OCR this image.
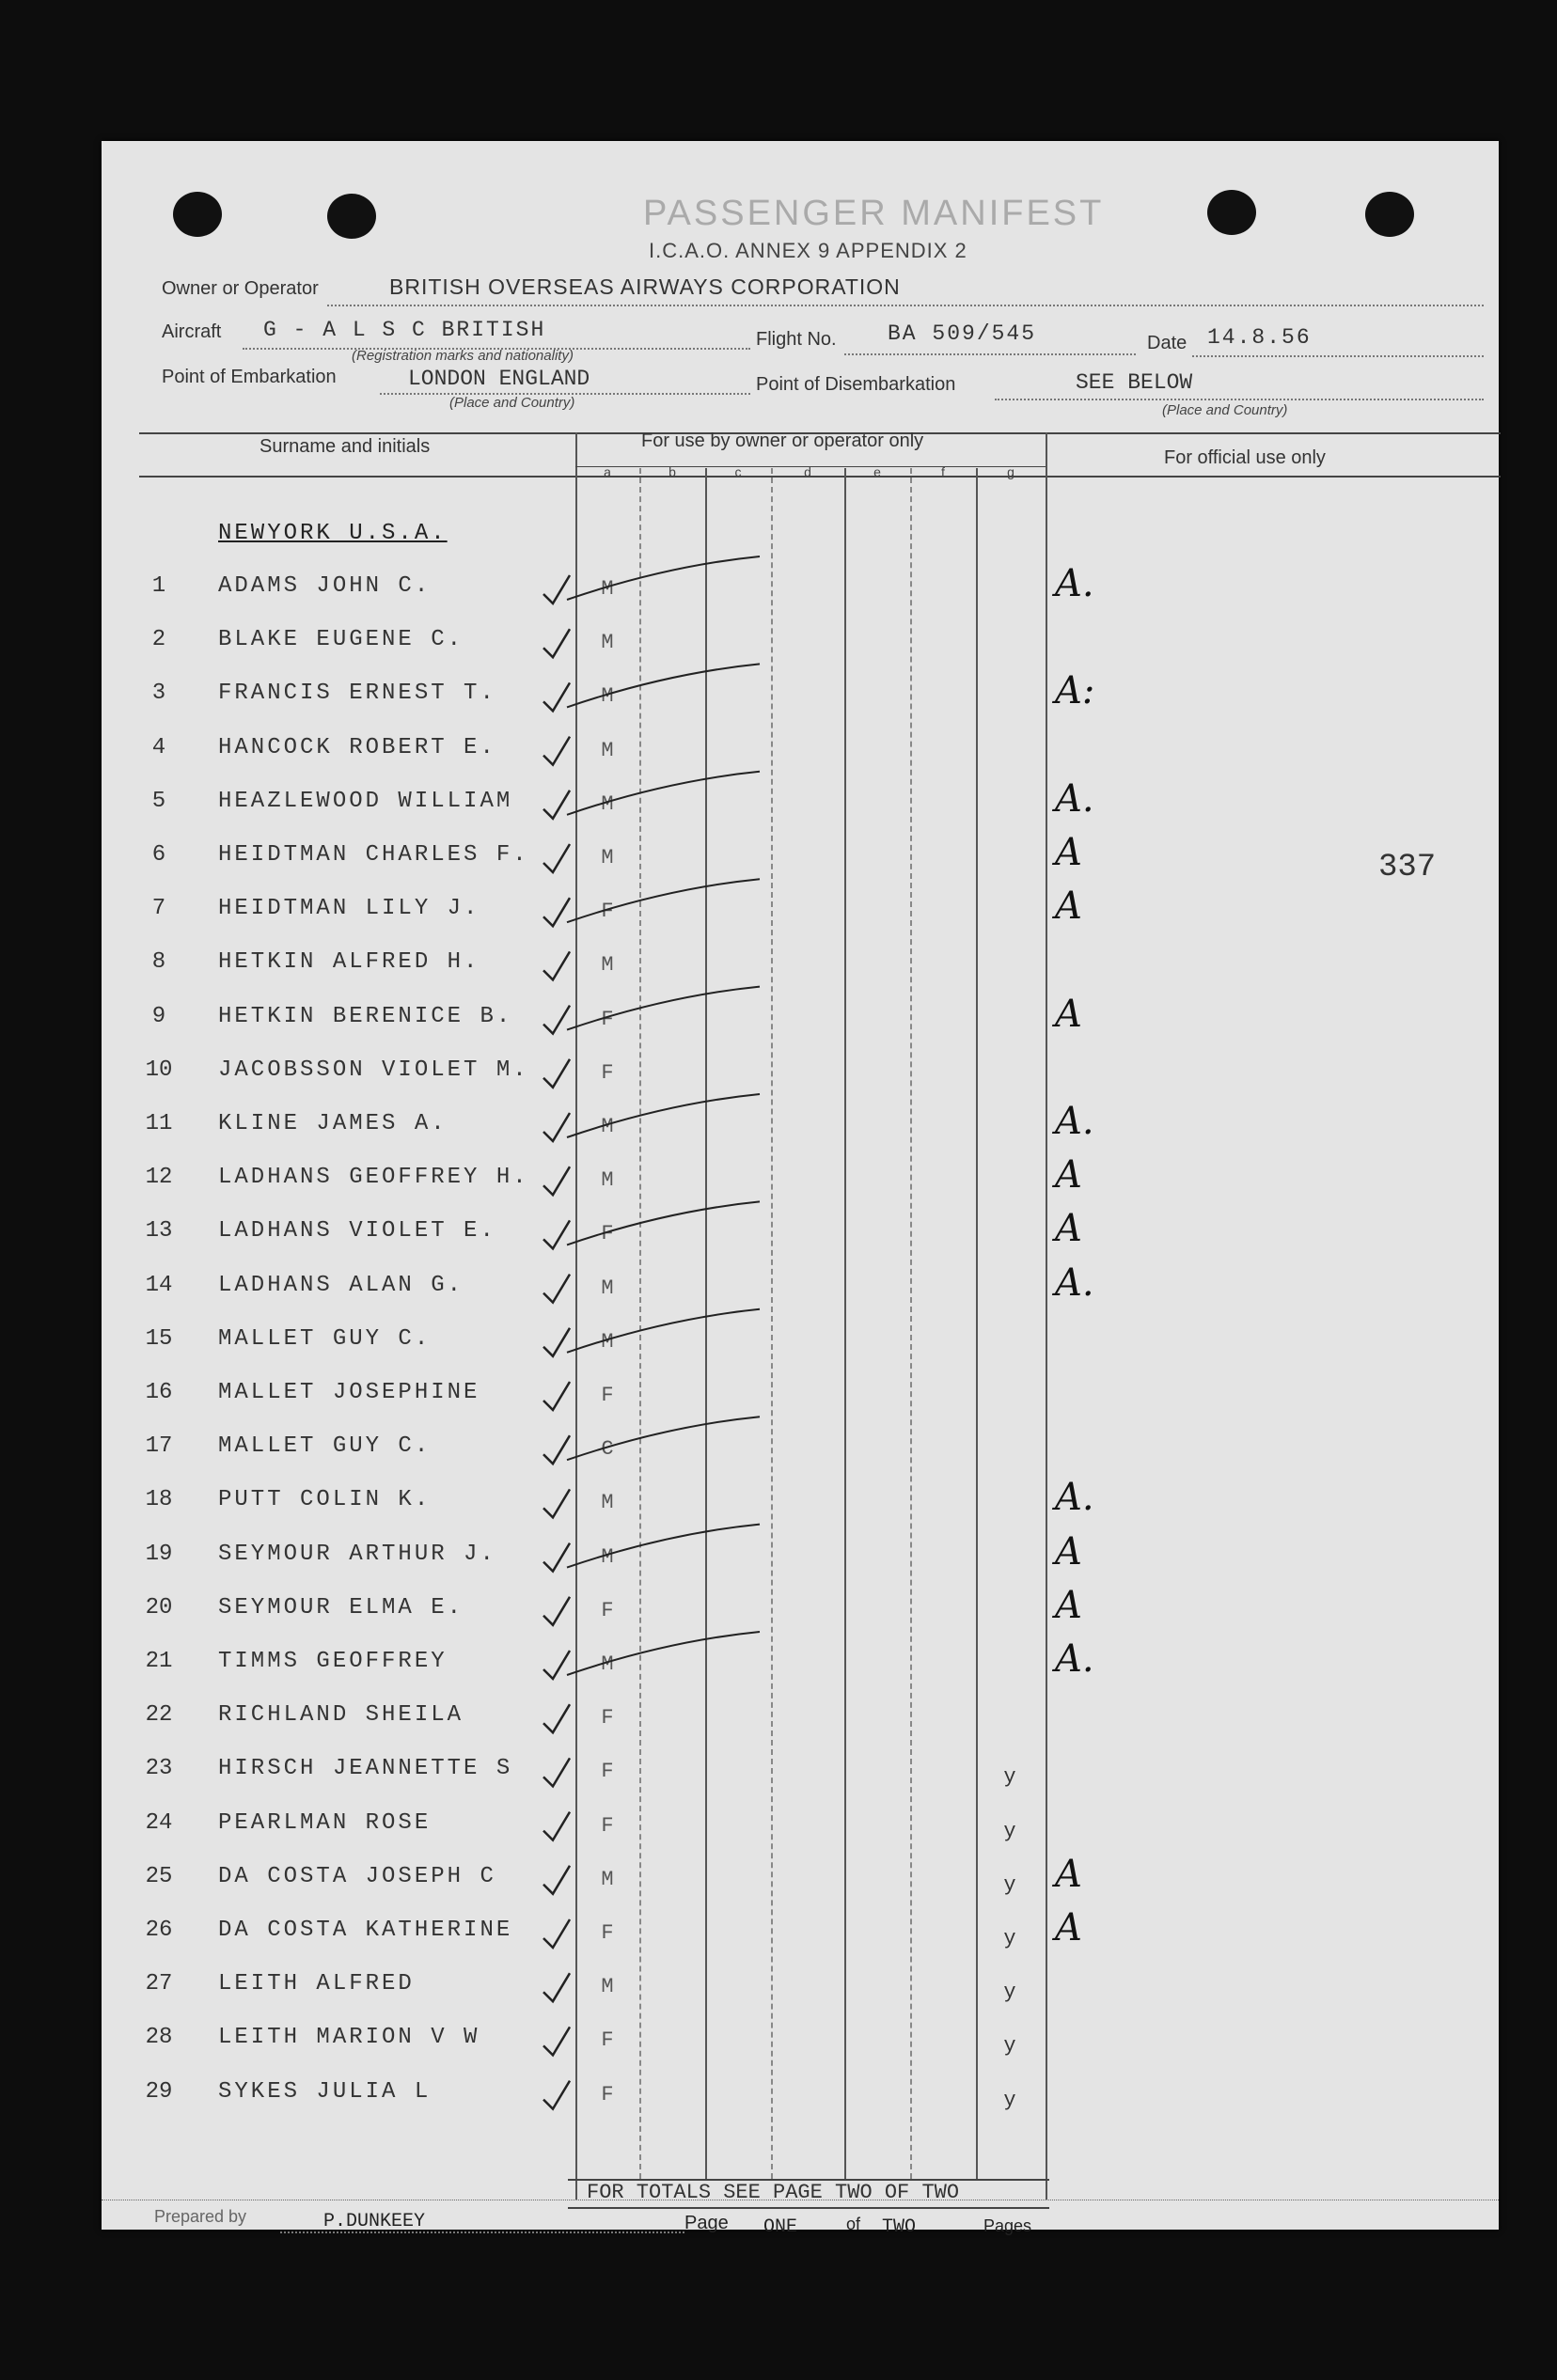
PASSENGER MANIFEST
I.C.A.O. ANNEX 9 APPENDIX 2
Owner or Operator	BRITISH OVERSEAS AIRWAYS CORPORATION
Aircraft G - A L S C BRITISH
(Registration marks and nationality)
Flight No. BA 509/545	Date 14.8.56
Point of Embarkation	LONDON ENGLAND
(Place and Country)
Point of Disembarkation	SEE BELOW
(Place and Country)
Surname and initials	For use by owner or operator only
For official use only
a	b	c	d	e	f	g
NEWYORK U.S.A.
1	ADAMS JOHN C.	M	A.
2	BLAKE EUGENE C.	M
3	FRANCIS ERNEST T.	M	A:
4	HANCOCK ROBERT E.	M
5	HEAZLEWOOD WILLIAM	M	A.
6	HEIDTMAN CHARLES F.	M	A
7	HEIDTMAN LILY J.	F	A
8	HETKIN ALFRED H.	M
9	HETKIN BERENICE B.	F	A
10	JACOBSSON VIOLET M.	F
11	KLINE JAMES A.	M	A.
12	LADHANS GEOFFREY H.	M	A
13	LADHANS VIOLET E.	F	A
14	LADHANS ALAN G.	M	A.
15	MALLET GUY C.	M
16	MALLET JOSEPHINE	F
17	MALLET GUY C.	C
18	PUTT COLIN K.	M	A.
19	SEYMOUR ARTHUR J.	M	A
20	SEYMOUR ELMA E.	F	A
21	TIMMS GEOFFREY	M	A.
22	RICHLAND SHEILA	F
23	HIRSCH JEANNETTE S	F	y
24	PEARLMAN ROSE	F	y
25	DA COSTA JOSEPH C	M	y	A
26	DA COSTA KATHERINE	F	y	A
27	LEITH ALFRED	M	y
28	LEITH MARION V W	F	y
29	SYKES JULIA L	F	y
337
FOR TOTALS SEE PAGE TWO OF TWO
Prepared by	P.DUNKEEY	Page ONE	of TWO	Pages
